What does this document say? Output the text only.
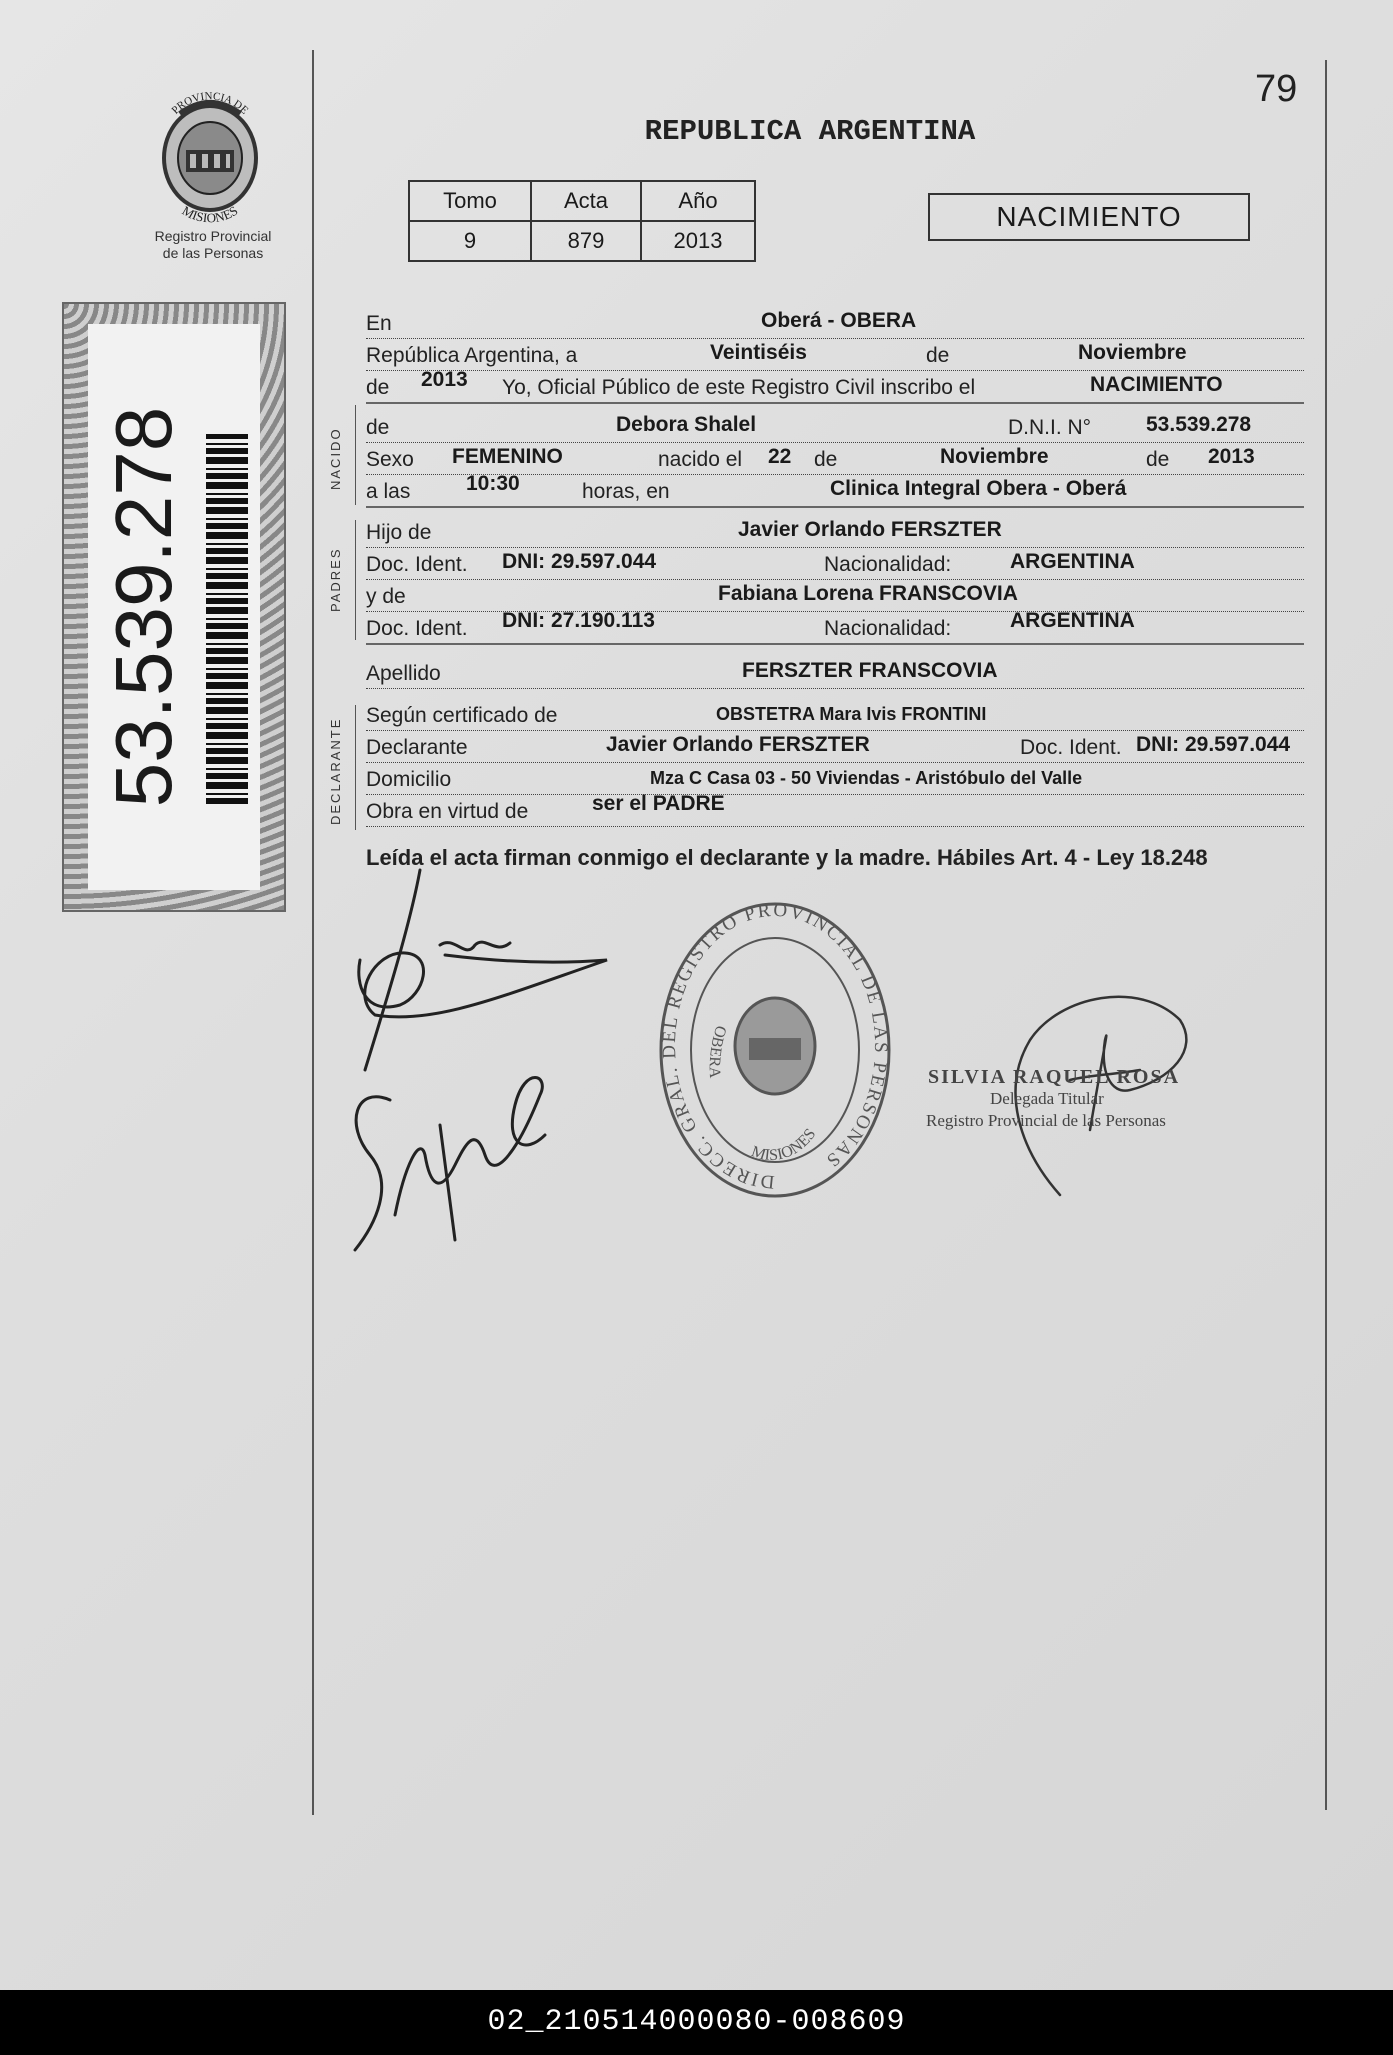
79
REPUBLICA ARGENTINA
PROVINCIA DE
MISIONES
Registro Provincial
de las Personas
53.539.278
Tomo	Acta	Año
9	879	2013
NACIMIENTO
NACIDO
PADRES
DECLARANTE
En	Oberá - OBERA
República Argentina, a	Veintiséis	de	Noviembre
de 2013 Yo, Oficial Público de este Registro Civil inscribo el	NACIMIENTO
de	Debora Shalel	D.N.I. N°	53.539.278
Sexo FEMENINO	nacido el 22 de	Noviembre	de 2013
a las	10:30	horas, en	Clinica Integral Obera - Oberá
Hijo de	Javier Orlando FERSZTER
Doc. Ident. DNI: 29.597.044	Nacionalidad:	ARGENTINA
y de	Fabiana Lorena FRANSCOVIA
Doc. Ident. DNI: 27.190.113	Nacionalidad:	ARGENTINA
Apellido	FERSZTER FRANSCOVIA
Según certificado de	OBSTETRA Mara Ivis FRONTINI
Declarante	Javier Orlando FERSZTER	Doc. Ident. DNI: 29.597.044
Domicilio	Mza C Casa 03 - 50 Viviendas - Aristóbulo del Valle
Obra en virtud de	ser el PADRE
Leída el acta firman conmigo el declarante y la madre. Hábiles Art. 4 - Ley 18.248
DIRECC. GRAL. DEL REGISTRO PROVINCIAL DE LAS PERSONAS
OBERA
MISIONES
SILVIA RAQUEL ROSA
Delegada Titular
Registro Provincial de las Personas
02_210514000080-008609
